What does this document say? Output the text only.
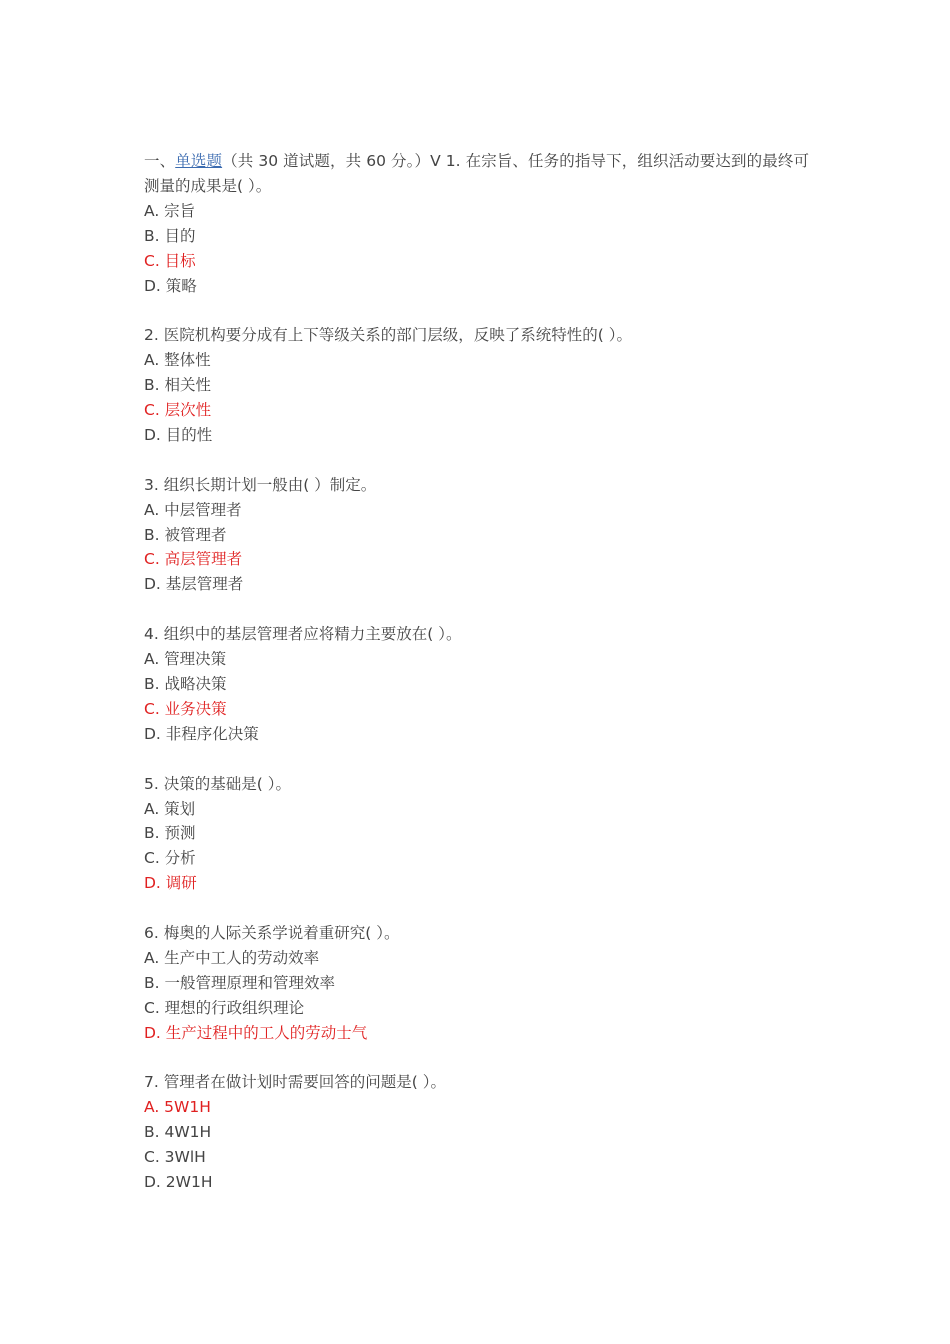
一、单选题（共 30 道试题，共 60 分。）V 1. 在宗旨、任务的指导下，组织活动要达到的最终可测量的成果是( ）。
A. 宗旨
B. 目的
C. 目标
D. 策略
2. 医院机构要分成有上下等级关系的部门层级，反映了系统特性的( ）。
A. 整体性
B. 相关性
C. 层次性
D. 目的性
3. 组织长期计划一般由( ）制定。
A. 中层管理者
B. 被管理者
C. 高层管理者
D. 基层管理者
4. 组织中的基层管理者应将精力主要放在( ）。
A. 管理决策
B. 战略决策
C. 业务决策
D. 非程序化决策
5. 决策的基础是( ）。
A. 策划
B. 预测
C. 分析
D. 调研
6. 梅奥的人际关系学说着重研究( ）。
A. 生产中工人的劳动效率
B. 一般管理原理和管理效率
C. 理想的行政组织理论
D. 生产过程中的工人的劳动士气
7. 管理者在做计划时需要回答的问题是( ）。
A. 5W1H
B. 4W1H
C. 3WlH
D. 2W1H
